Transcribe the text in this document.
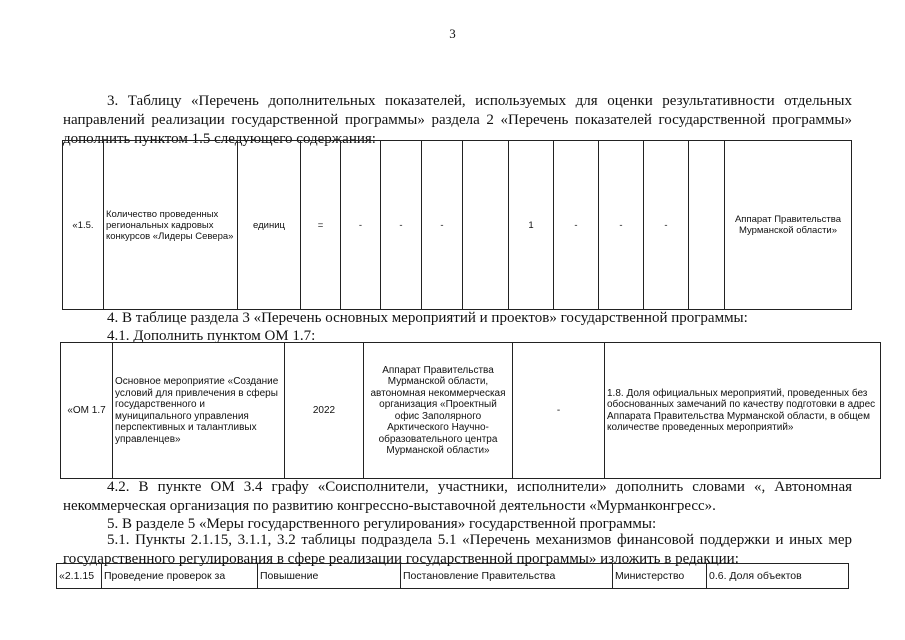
3
3. Таблицу «Перечень дополнительных показателей, используемых для оценки результативности отдельных направлений реализации государственной программы» раздела 2 «Перечень показателей государственной программы» дополнить пунктом 1.5 следующего содержания:
«1.5.	Количество проведенных региональных кадровых конкурсов «Лидеры Севера»	единиц	=	-	-	-		1	-	-	-		Аппарат Правительства Мурманской области»
4. В таблице раздела 3 «Перечень основных мероприятий и проектов» государственной программы:
4.1. Дополнить пунктом ОМ 1.7:
«ОМ 1.7	Основное мероприятие «Создание условий для привлечения в сферы государственного и муниципального управления перспективных и талантливых управленцев»	2022	Аппарат Правительства Мурманской области, автономная некоммерческая организация «Проектный офис Заполярного Арктического Научно-образовательного центра Мурманской области»	-	1.8. Доля официальных мероприятий, проведенных без обоснованных замечаний по качеству подготовки в адрес Аппарата Правительства Мурманской области, в общем количестве проведенных мероприятий»
4.2. В пункте ОМ 3.4 графу «Соисполнители, участники, исполнители» дополнить словами «, Автономная некоммерческая организация по развитию конгрессно-выставочной деятельности «Мурманконгресс».
5. В разделе 5 «Меры государственного регулирования» государственной программы:
5.1. Пункты 2.1.15, 3.1.1, 3.2 таблицы подраздела 5.1 «Перечень механизмов финансовой поддержки и иных мер государственного регулирования в сфере реализации государственной программы» изложить в редакции:
«2.1.15	Проведение проверок за	Повышение	Постановление Правительства	Министерство	0.6. Доля объектов
